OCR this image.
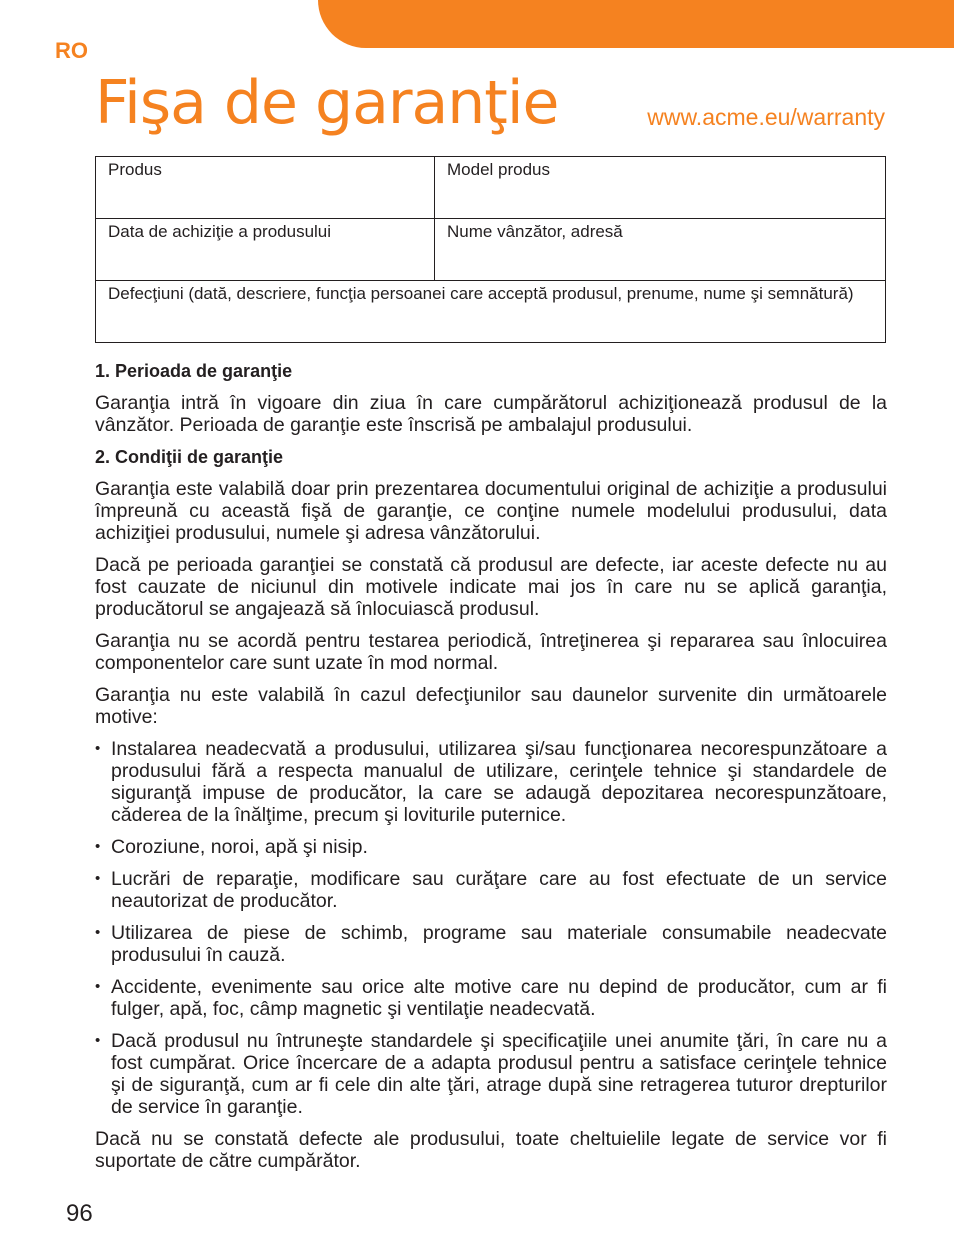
RO
Fişa de garanţie	www.acme.eu/warranty
Produs	Model produs
Data de achiziţie a produsului	Nume vânzător, adresă
Defecţiuni (dată, descriere, funcţia persoanei care acceptă produsul, prenume, nume şi semnătură)	
1. Perioada de garanţie

Garanţia intră în vigoare din ziua în care cumpărătorul achiziţionează produsul de la vânzător. Perioada de garanţie este înscrisă pe ambalajul produsului.

2. Condiţii de garanţie

Garanţia este valabilă doar prin prezentarea documentului original de achiziţie a produsului împreună cu această fişă de garanţie, ce conţine numele modelului produsului, data achiziţiei produsului, numele şi adresa vânzătorului.

Dacă pe perioada garanţiei se constată că produsul are defecte, iar aceste defecte nu au fost cauzate de niciunul din motivele indicate mai jos în care nu se aplică garanţia, producătorul se angajează să înlocuiască produsul.

Garanţia nu se acordă pentru testarea periodică, întreţinerea şi repararea sau înlocuirea componentelor care sunt uzate în mod normal.

Garanţia nu este valabilă în cazul defecţiunilor sau daunelor survenite din următoarele motive:

• Instalarea neadecvată a produsului, utilizarea şi/sau funcţionarea necorespunzătoare a produsului fără a respecta manualul de utilizare, cerinţele tehnice şi standardele de siguranţă impuse de producător, la care se adaugă depozitarea necorespunzătoare, căderea de la înălţime, precum şi loviturile puternice.
• Coroziune, noroi, apă şi nisip.
• Lucrări de reparaţie, modificare sau curăţare care au fost efectuate de un service neautorizat de producător.
• Utilizarea de piese de schimb, programe sau materiale consumabile neadecvate produsului în cauză.
• Accidente, evenimente sau orice alte motive care nu depind de producător, cum ar fi fulger, apă, foc, câmp magnetic şi ventilaţie neadecvată.
• Dacă produsul nu întruneşte standardele şi specificaţiile unei anumite ţări, în care nu a fost cumpărat. Orice încercare de a adapta produsul pentru a satisface cerinţele tehnice şi de siguranţă, cum ar fi cele din alte ţări, atrage după sine retragerea tuturor drepturilor de service în garanţie.

Dacă nu se constată defecte ale produsului, toate cheltuielile legate de service vor fi suportate de către cumpărător.

96
